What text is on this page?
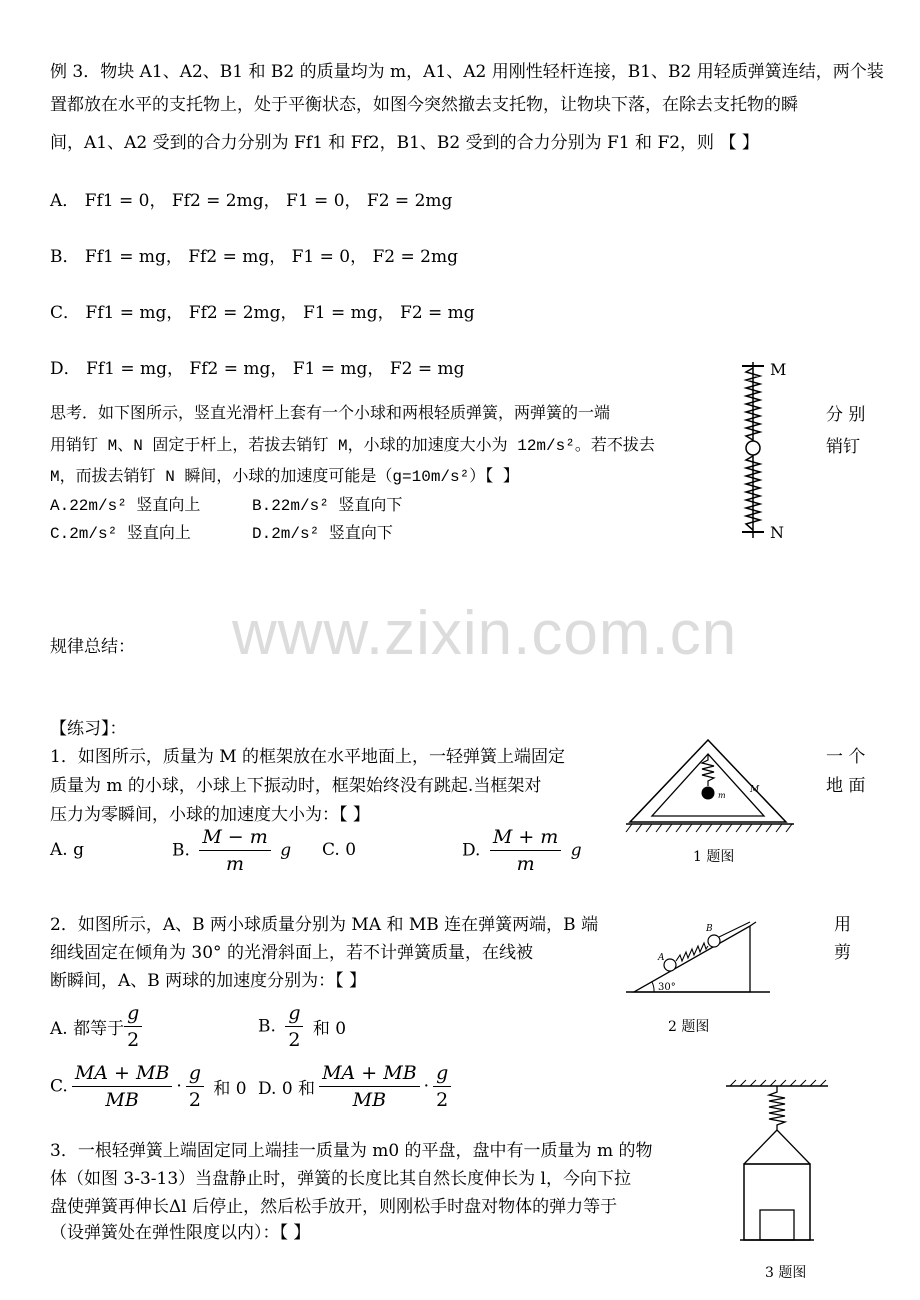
例 3．物块 A1、A2、B1 和 B2 的质量均为 m，A1、A2 用刚性轻杆连接，B1、B2 用轻质弹簧连结，两个装
置都放在水平的支托物上，处于平衡状态，如图今突然撤去支托物，让物块下落，在除去支托物的瞬
间，A1、A2 受到的合力分别为 Ff1 和 Ff2，B1、B2 受到的合力分别为 F1 和 F2，则 【 】
A． Ff1 = 0， Ff2 = 2mg， F1 = 0， F2 = 2mg
B． Ff1 = mg， Ff2 = mg， F1 = 0， F2 = 2mg
C． Ff1 = mg， Ff2 = 2mg， F1 = mg， F2 = mg
D． Ff1 = mg， Ff2 = mg， F1 = mg， F2 = mg
思考．如下图所示，竖直光滑杆上套有一个小球和两根轻质弹簧，两弹簧的一端	分 别
用销钉 M、N 固定于杆上，若拔去销钉 M，小球的加速度大小为 12m/s²。若不拔去	销钉
M，而拔去销钉 N 瞬间，小球的加速度可能是（g=10m/s²）【 】
A.22m/s² 竖直向上	B.22m/s² 竖直向下
C.2m/s² 竖直向上	D.2m/s² 竖直向下
M
N
www.zixin.com.cn
规律总结：
【练习】：
1．如图所示，质量为 M 的框架放在水平地面上，一轻弹簧上端固定	一 个
质量为 m 的小球，小球上下振动时，框架始终没有跳起.当框架对	地 面
压力为零瞬间，小球的加速度大小为：【 】
A. g	B. $\frac{M - m}{m}$ g C. 0	D. $\frac{M + m}{m}$ g
m
M
1 题图
2．如图所示，A、B 两小球质量分别为 MA 和 MB 连在弹簧两端，B 端	用
细线固定在倾角为 30° 的光滑斜面上，若不计弹簧质量，在线被	剪
断瞬间，A、B 两球的加速度分别为：【 】
A. 都等于 $\frac{g}{2}$	B. $\frac{g}{2}$ 和 0
C. $\frac{MA + MB}{MB} \cdot \frac{g}{2}$ 和 0 D. 0 和 $\frac{MA + MB}{MB} \cdot \frac{g}{2}$
A
B
30°
2 题图
3．一根轻弹簧上端固定同上端挂一质量为 m0 的平盘，盘中有一质量为 m 的物
体（如图 3-3-13）当盘静止时，弹簧的长度比其自然长度伸长为 l，今向下拉
盘使弹簧再伸长Δl 后停止，然后松手放开，则刚松手时盘对物体的弹力等于
（设弹簧处在弹性限度以内）：【 】
3 题图
